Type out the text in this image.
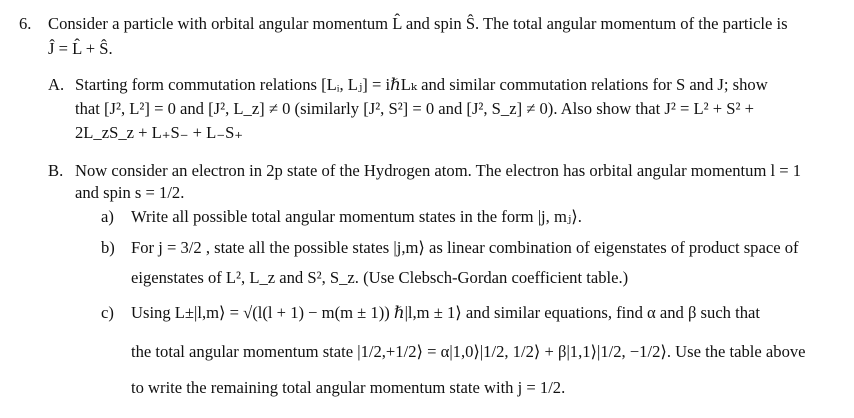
6. Consider a particle with orbital angular momentum L̂ and spin Ŝ. The total angular momentum of the particle is
Ĵ = L̂ + Ŝ.
A. Starting form commutation relations [Lᵢ, Lⱼ] = iℏLₖ and similar commutation relations for S and J; show
that [J², L²] = 0 and [J², L_z] ≠ 0 (similarly [J², S²] = 0 and [J², S_z] ≠ 0). Also show that J² = L² + S² +
2L_zS_z + L₊S₋ + L₋S₊
B. Now consider an electron in 2p state of the Hydrogen atom. The electron has orbital angular momentum l = 1
and spin s = 1/2.
a) Write all possible total angular momentum states in the form |j, mⱼ⟩.
b) For j = 3/2 , state all the possible states |j,m⟩ as linear combination of eigenstates of product space of
eigenstates of L², L_z and S², S_z. (Use Clebsch-Gordan coefficient table.)
c) Using L±|l,m⟩ = √(l(l + 1) − m(m ± 1)) ℏ|l,m ± 1⟩ and similar equations, find α and β such that
the total angular momentum state |1/2,+1/2⟩ = α|1,0⟩|1/2, 1/2⟩ + β|1,1⟩|1/2, −1/2⟩. Use the table above
to write the remaining total angular momentum state with j = 1/2.
